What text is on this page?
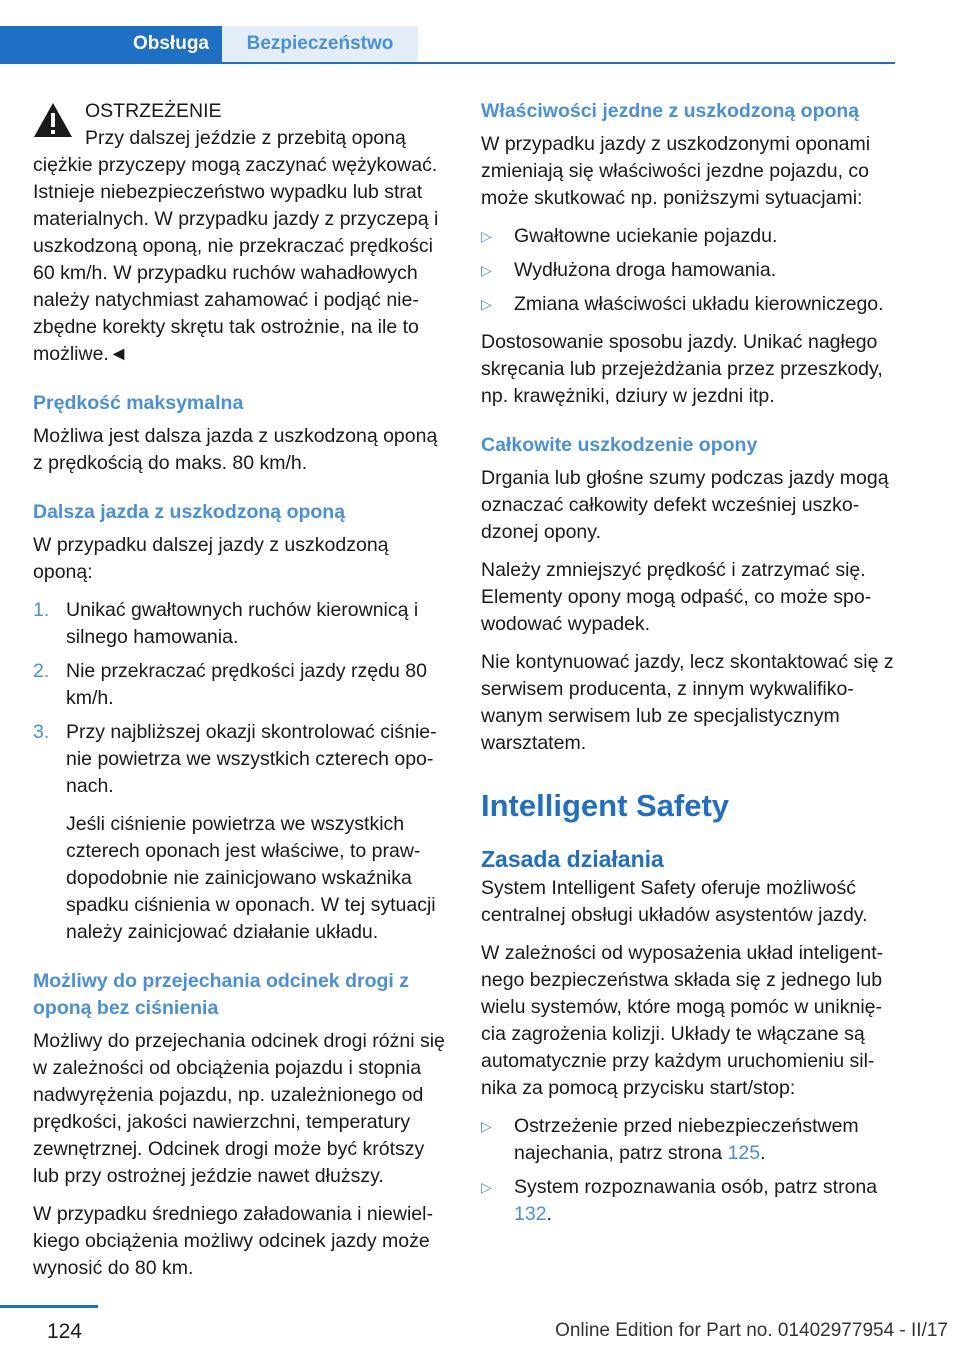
Obsługa	Bezpieczeństwo
OSTRZEŻENIE
Przy dalszej jeździe z przebitą oponą ciężkie przyczepy mogą zaczynać wężykować. Istnieje niebezpieczeństwo wypadku lub strat materialnych. W przypadku jazdy z przyczepą i uszkodzoną oponą, nie przekraczać prędkości 60 km/h. W przypadku ruchów wahadłowych należy natychmiast zahamować i podjąć niezbędne korekty skrętu tak ostrożnie, na ile to możliwe.◄
Prędkość maksymalna

Możliwa jest dalsza jazda z uszkodzoną oponą z prędkością do maks. 80 km/h.

Dalsza jazda z uszkodzoną oponą

W przypadku dalszej jazdy z uszkodzoną oponą:

1. Unikać gwałtownych ruchów kierownicą i silnego hamowania.
2. Nie przekraczać prędkości jazdy rzędu 80 km/h.
3. Przy najbliższej okazji skontrolować ciśnienie powietrza we wszystkich czterech oponach.

Jeśli ciśnienie powietrza we wszystkich czterech oponach jest właściwe, to prawdopodobnie nie zainicjowano wskaźnika spadku ciśnienia w oponach. W tej sytuacji należy zainicjować działanie układu.

Możliwy do przejechania odcinek drogi z oponą bez ciśnienia

Możliwy do przejechania odcinek drogi różni się w zależności od obciążenia pojazdu i stopnia nadwyrężenia pojazdu, np. uzależnionego od prędkości, jakości nawierzchni, temperatury zewnętrznej. Odcinek drogi może być krótszy lub przy ostrożnej jeździe nawet dłuższy.

W przypadku średniego załadowania i niewielkiego obciążenia możliwy odcinek jazdy może wynosić do 80 km.

Właściwości jezdne z uszkodzoną oponą

W przypadku jazdy z uszkodzonymi oponami zmieniają się właściwości jezdne pojazdu, co może skutkować np. poniższymi sytuacjami:

▷ Gwałtowne uciekanie pojazdu.
▷ Wydłużona droga hamowania.
▷ Zmiana właściwości układu kierowniczego.

Dostosowanie sposobu jazdy. Unikać nagłego skręcania lub przejeżdżania przez przeszkody, np. krawężniki, dziury w jezdni itp.

Całkowite uszkodzenie opony

Drgania lub głośne szumy podczas jazdy mogą oznaczać całkowity defekt wcześniej uszkodzonej opony.

Należy zmniejszyć prędkość i zatrzymać się. Elementy opony mogą odpaść, co może spowodować wypadek.

Nie kontynuować jazdy, lecz skontaktować się z serwisem producenta, z innym wykwalifikowanym serwisem lub ze specjalistycznym warsztatem.

Intelligent Safety
Zasada działania

System Intelligent Safety oferuje możliwość centralnej obsługi układów asystentów jazdy.

W zależności od wyposażenia układ inteligentnego bezpieczeństwa składa się z jednego lub wielu systemów, które mogą pomóc w uniknięcia zagrożenia kolizji. Układy te włączane są automatycznie przy każdym uruchomieniu silnika za pomocą przycisku start/stop:

▷ Ostrzeżenie przed niebezpieczeństwem najechania, patrz strona 125.
▷ System rozpoznawania osób, patrz strona 132.
124	Online Edition for Part no. 01402977954 - II/17
